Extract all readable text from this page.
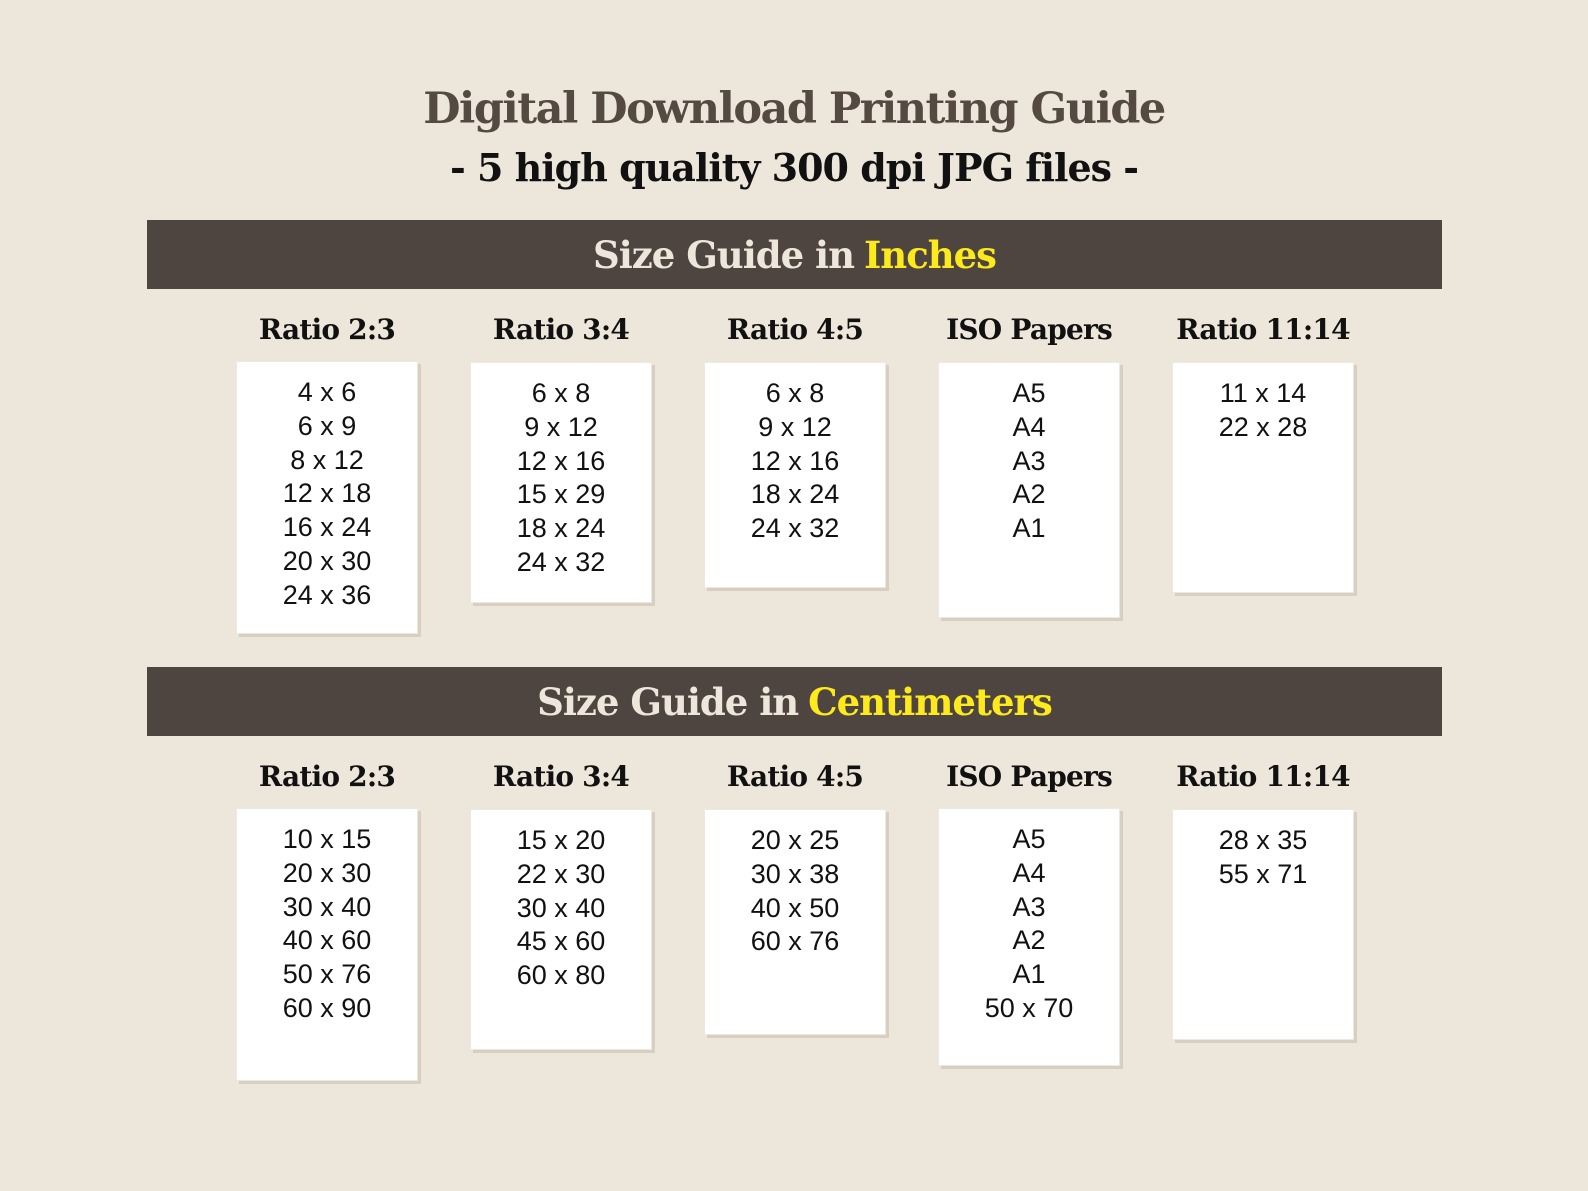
Digital Download Printing Guide
- 5 high quality 300 dpi JPG files -
Size Guide in Inches
Ratio 2:3
4 x 6
6 x 9
8 x 12
12 x 18
16 x 24
20 x 30
24 x 36
Ratio 3:4
6 x 8
9 x 12
12 x 16
15 x 29
18 x 24
24 x 32
Ratio 4:5
6 x 8
9 x 12
12 x 16
18 x 24
24 x 32
ISO Papers
A5
A4
A3
A2
A1
Ratio 11:14
11 x 14
22 x 28
Size Guide in Centimeters
Ratio 2:3
10 x 15
20 x 30
30 x 40
40 x 60
50 x 76
60 x 90
Ratio 3:4
15 x 20
22 x 30
30 x 40
45 x 60
60 x 80
Ratio 4:5
20 x 25
30 x 38
40 x 50
60 x 76
ISO Papers
A5
A4
A3
A2
A1
50 x 70
Ratio 11:14
28 x 35
55 x 71
